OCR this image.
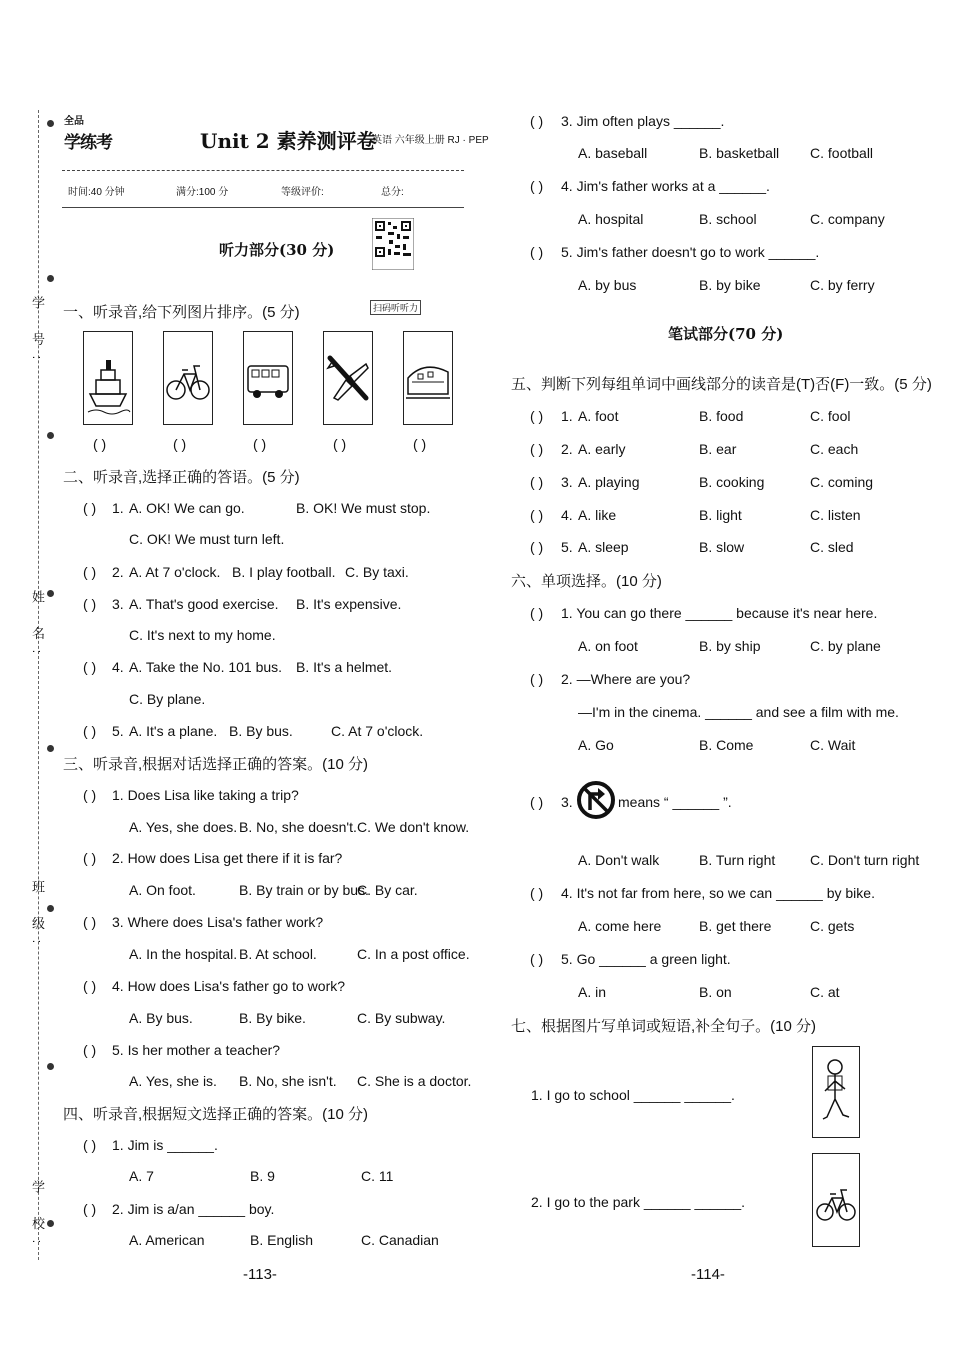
学 号:
姓 名:
班 级:
学 校:
全品
学练考	Unit 2 素养测评卷
英语 六年级上册 RJ · PEP
时间:40 分钟	满分:100 分	等级评价:	总分:
扫码听听力
听力部分(30 分)
一、听录音,给下列图片排序。(5 分)
( )	( )	( )	( )	( )
二、听录音,选择正确的答语。(5 分)
( ) 1. A. OK! We can go.	B. OK! We must stop.
C. OK! We must turn left.
( ) 2. A. At 7 o'clock. B. I play football. C. By taxi.
( ) 3. A. That's good exercise. B. It's expensive.
C. It's next to my home.
( ) 4. A. Take the No. 101 bus. B. It's a helmet.
C. By plane.
( ) 5. A. It's a plane. B. By bus.	C. At 7 o'clock.
三、听录音,根据对话选择正确的答案。(10 分)
( ) 1. Does Lisa like taking a trip?
A. Yes, she does. B. No, she doesn't. C. We don't know.
( ) 2. How does Lisa get there if it is far?
A. On foot.	B. By train or by bus.
C. By car.
( ) 3. Where does Lisa's father work?
A. In the hospital. B. At school.	C. In a post office.
( ) 4. How does Lisa's father go to work?
A. By bus.	B. By bike.	C. By subway.
( ) 5. Is her mother a teacher?
A. Yes, she is. B. No, she isn't. C. She is a doctor.
四、听录音,根据短文选择正确的答案。(10 分)
( ) 1. Jim is ______.
A. 7	B. 9	C. 11
( ) 2. Jim is a/an ______ boy.
A. American	B. English	C. Canadian
-113-
( ) 3. Jim often plays ______.
A. baseball	B. basketball C. football
( ) 4. Jim's father works at a ______.
A. hospital	B. school	C. company
( ) 5. Jim's father doesn't go to work ______.
A. by bus	B. by bike	C. by ferry
笔试部分(70 分)
五、判断下列每组单词中画线部分的读音是(T)否(F)一致。(5 分)
( ) 1. A. foot	B. food	C. fool
( ) 2. A. early	B. ear	C. each
( ) 3. A. playing	B. cooking	C. coming
( ) 4. A. like	B. light	C. listen
( ) 5. A. sleep	B. slow	C. sled
六、单项选择。(10 分)
( ) 1. You can go there ______ because it's near here.
A. on foot	B. by ship	C. by plane
( ) 2. —Where are you?
—I'm in the cinema. ______ and see a film with me.
A. Go	B. Come	C. Wait
( ) 3.	means “ ______ ”.
A. Don't walk	B. Turn right C. Don't turn right
( ) 4. It's not far from here, so we can ______ by bike.
A. come here	B. get there	C. gets
( ) 5. Go ______ a green light.
A. in	B. on	C. at
七、根据图片写单词或短语,补全句子。(10 分)
1. I go to school ______ ______.
2. I go to the park ______ ______.
-114-
